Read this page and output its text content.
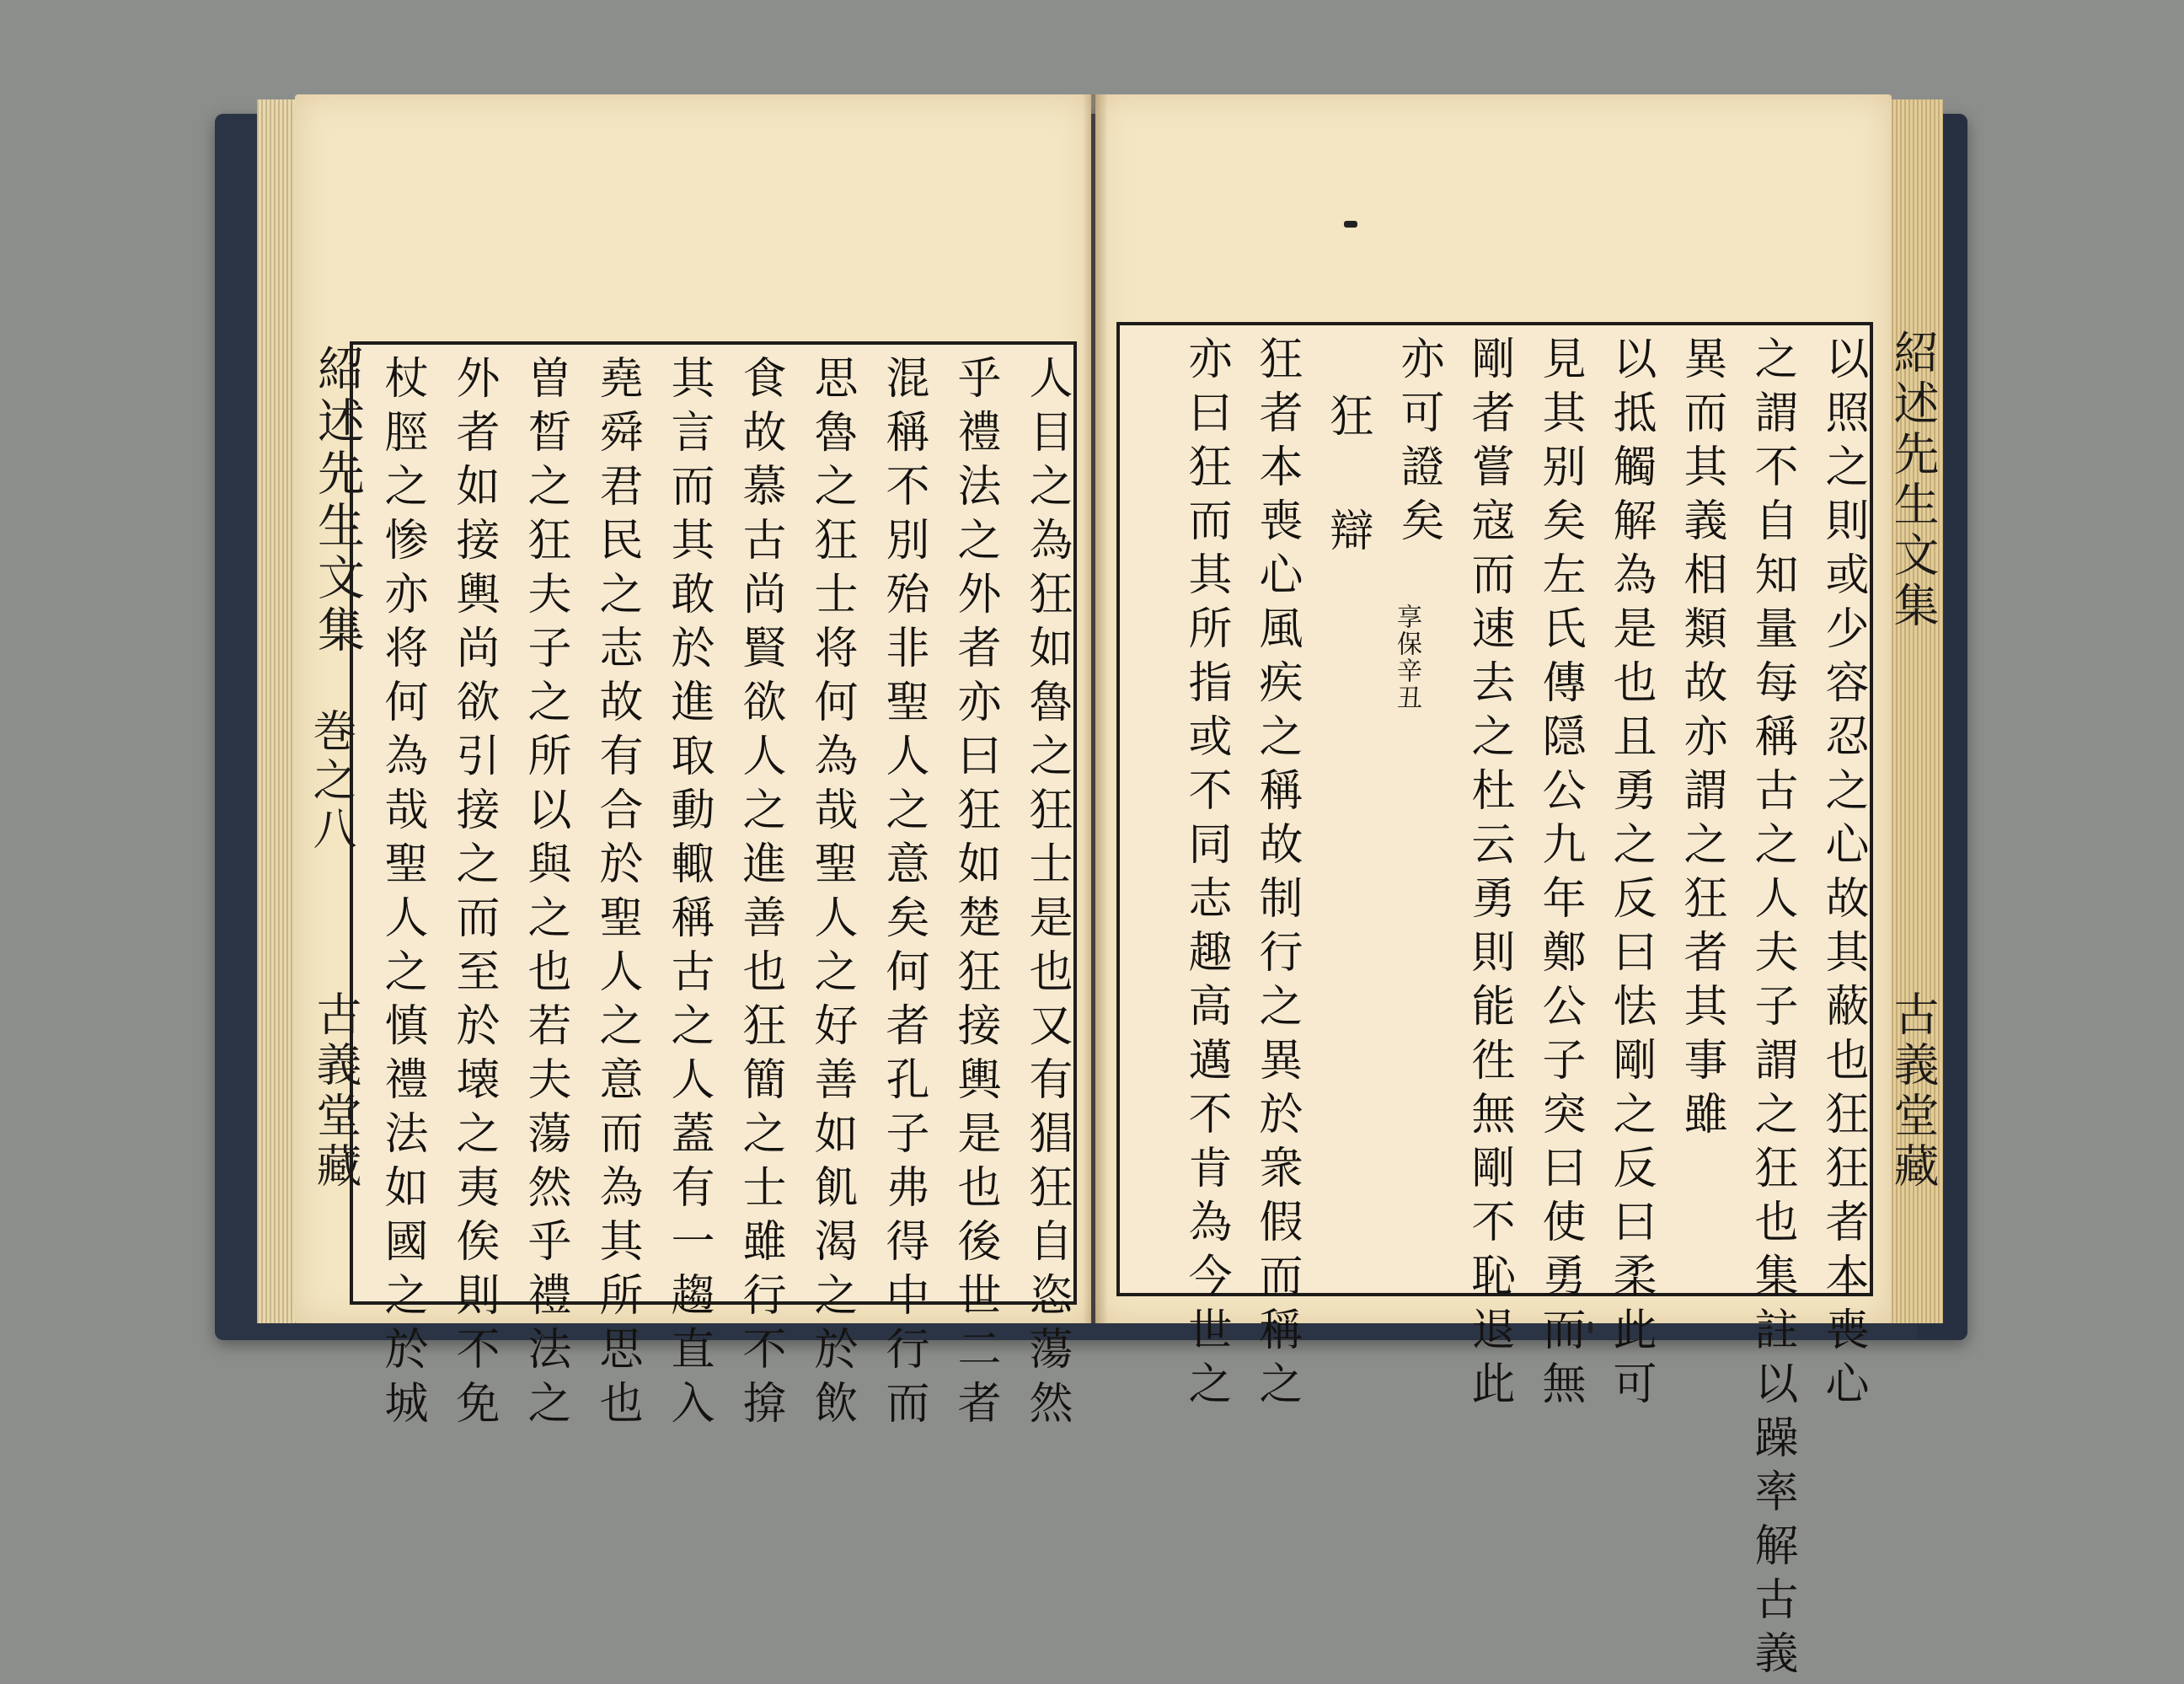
人目之為狂如魯之狂士是也又有猖狂自恣蕩然
乎禮法之外者亦曰狂如楚狂接輿是也後世二者
混稱不別殆非聖人之意矣何者孔子弗得中行而
思魯之狂士将何為哉聖人之好善如飢渴之於飲
食故慕古尚賢欲人之進善也狂簡之士雖行不揜
其言而其敢於進取動輙稱古之人蓋有一趨直入
堯舜君民之志故有合於聖人之意而為其所思也
曽晳之狂夫子之所以與之也若夫蕩然乎禮法之
外者如接輿尚欲引接之而至於壊之夷俟則不免
杖脛之惨亦将何為哉聖人之慎禮法如國之於城
紹述先生文集
巻之八
古義堂藏	以照之則或少容忍之心故其蔽也狂狂者本喪心
之謂不自知量每稱古之人夫子謂之狂也集註以躁率解古義
異而其義相類故亦謂之狂者其事雖
以抵觸解為是也且勇之反曰怯剛之反曰柔此可
見其别矣左氏傳隠公九年鄭公子突曰使勇而無
剛者嘗寇而速去之杜云勇則能徃無剛不恥退此
亦可證矣
享保辛丑
狂 辯
狂者本喪心風疾之稱故制行之異於衆假而稱之
亦曰狂而其所指或不同志趣高邁不肯為今世之	紹述先生文集
古義堂藏
